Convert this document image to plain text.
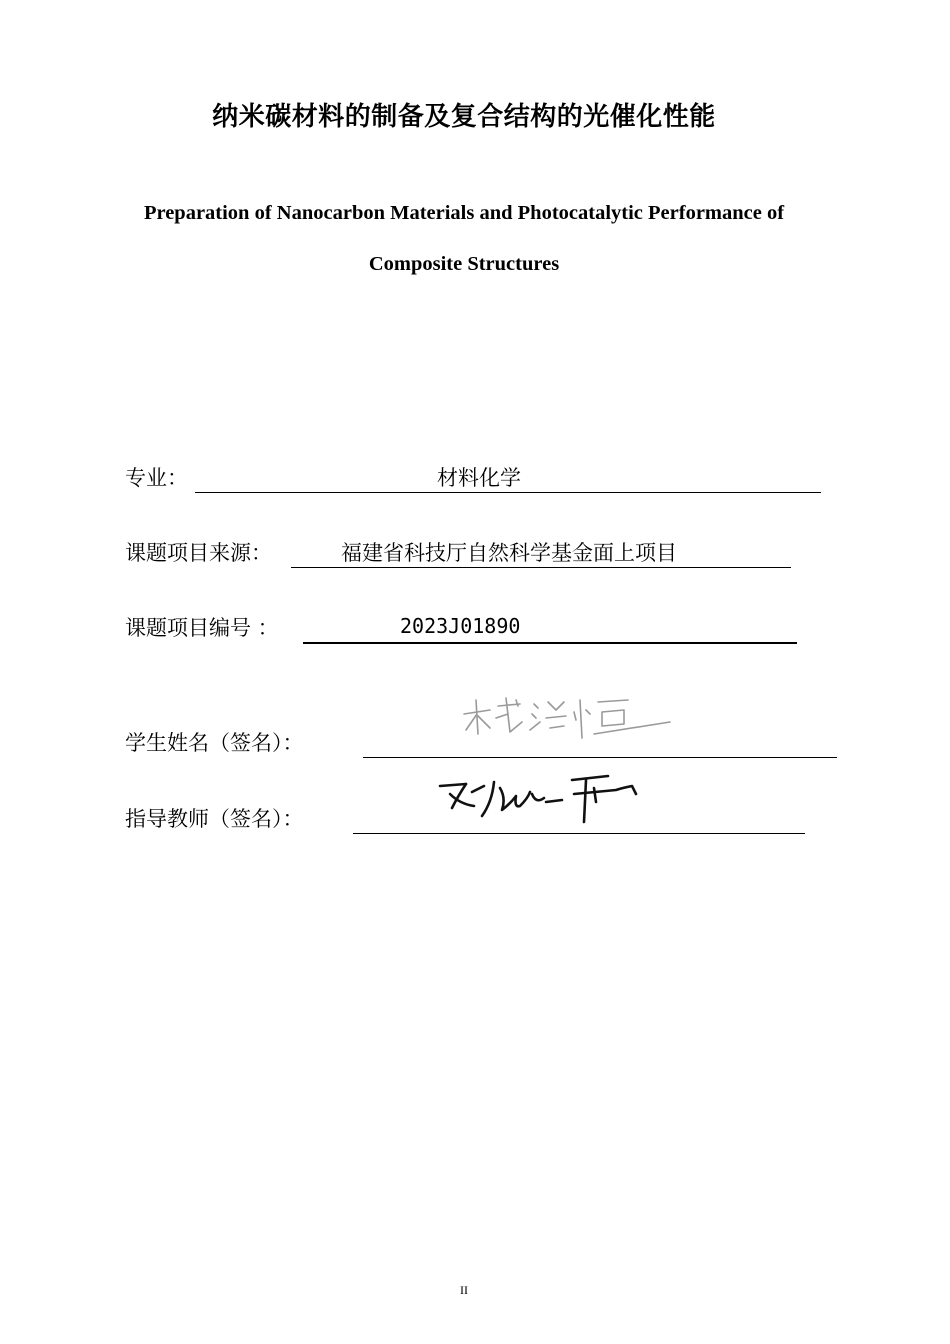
纳米碳材料的制备及复合结构的光催化性能
Preparation of Nanocarbon Materials and Photocatalytic Performance of
Composite Structures
专业：	材料化学
课题项目来源：	福建省科技厅自然科学基金面上项目
课题项目编号 ：	2023J01890
学生姓名（签名）：
指导教师（签名）：
II
